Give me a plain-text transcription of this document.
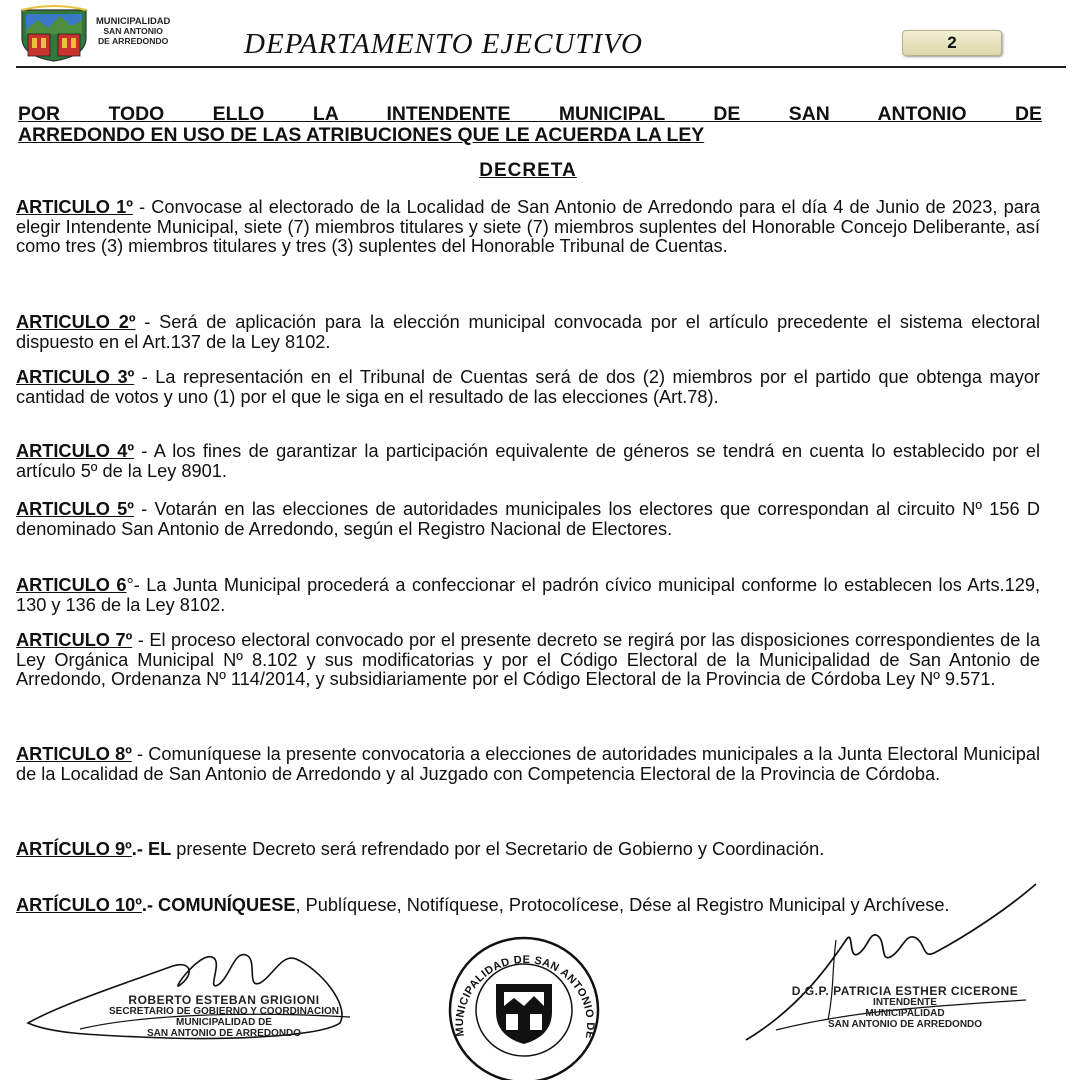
MUNICIPALIDAD
SAN ANTONIO
DE ARREDONDO	DEPARTAMENTO EJECUTIVO	2
POR TODO ELLO LA INTENDENTE MUNICIPAL DE SAN ANTONIO DE
ARREDONDO EN USO DE LAS ATRIBUCIONES QUE LE ACUERDA LA LEY
DECRETA
ARTICULO 1º - Convocase al electorado de la Localidad de San Antonio de Arredondo para el día 4 de Junio de 2023, para elegir Intendente Municipal, siete (7) miembros titulares y siete (7) miembros suplentes del Honorable Concejo Deliberante, así como tres (3) miembros titulares y tres (3) suplentes del Honorable Tribunal de Cuentas.
ARTICULO 2º - Será de aplicación para la elección municipal convocada por el artículo precedente el sistema electoral dispuesto en el Art.137 de la Ley 8102.
ARTICULO 3º - La representación en el Tribunal de Cuentas será de dos (2) miembros por el partido que obtenga mayor cantidad de votos y uno (1) por el que le siga en el resultado de las elecciones (Art.78).
ARTICULO 4º - A los fines de garantizar la participación equivalente de géneros se tendrá en cuenta lo establecido por el artículo 5º de la Ley 8901.
ARTICULO 5º - Votarán en las elecciones de autoridades municipales los electores que correspondan al circuito Nº 156 D denominado San Antonio de Arredondo, según el Registro Nacional de Electores.
ARTICULO 6°- La Junta Municipal procederá a confeccionar el padrón cívico municipal conforme lo establecen los Arts.129, 130 y 136 de la Ley 8102.
ARTICULO 7º - El proceso electoral convocado por el presente decreto se regirá por las disposiciones correspondientes de la Ley Orgánica Municipal Nº 8.102 y sus modificatorias y por el Código Electoral de la Municipalidad de San Antonio de Arredondo, Ordenanza Nº 114/2014, y subsidiariamente por el Código Electoral de la Provincia de Córdoba Ley Nº 9.571.
ARTICULO 8º - Comuníquese la presente convocatoria a elecciones de autoridades municipales a la Junta Electoral Municipal de la Localidad de San Antonio de Arredondo y al Juzgado con Competencia Electoral de la Provincia de Córdoba.
ARTÍCULO 9º.- EL presente Decreto será refrendado por el Secretario de Gobierno y Coordinación.
ARTÍCULO 10º.- COMUNÍQUESE, Publíquese, Notifíquese, Protocolícese, Dése al Registro Municipal y Archívese.
ROBERTO ESTEBAN GRIGIONI
SECRETARIO DE GOBIERNO Y COORDINACION
MUNICIPALIDAD DE
SAN ANTONIO DE ARREDONDO	MUNICIPALIDAD DE SAN ANTONIO DE
D.G.P. PATRICIA ESTHER CICERONE
INTENDENTE
MUNICIPALIDAD
SAN ANTONIO DE ARREDONDO
